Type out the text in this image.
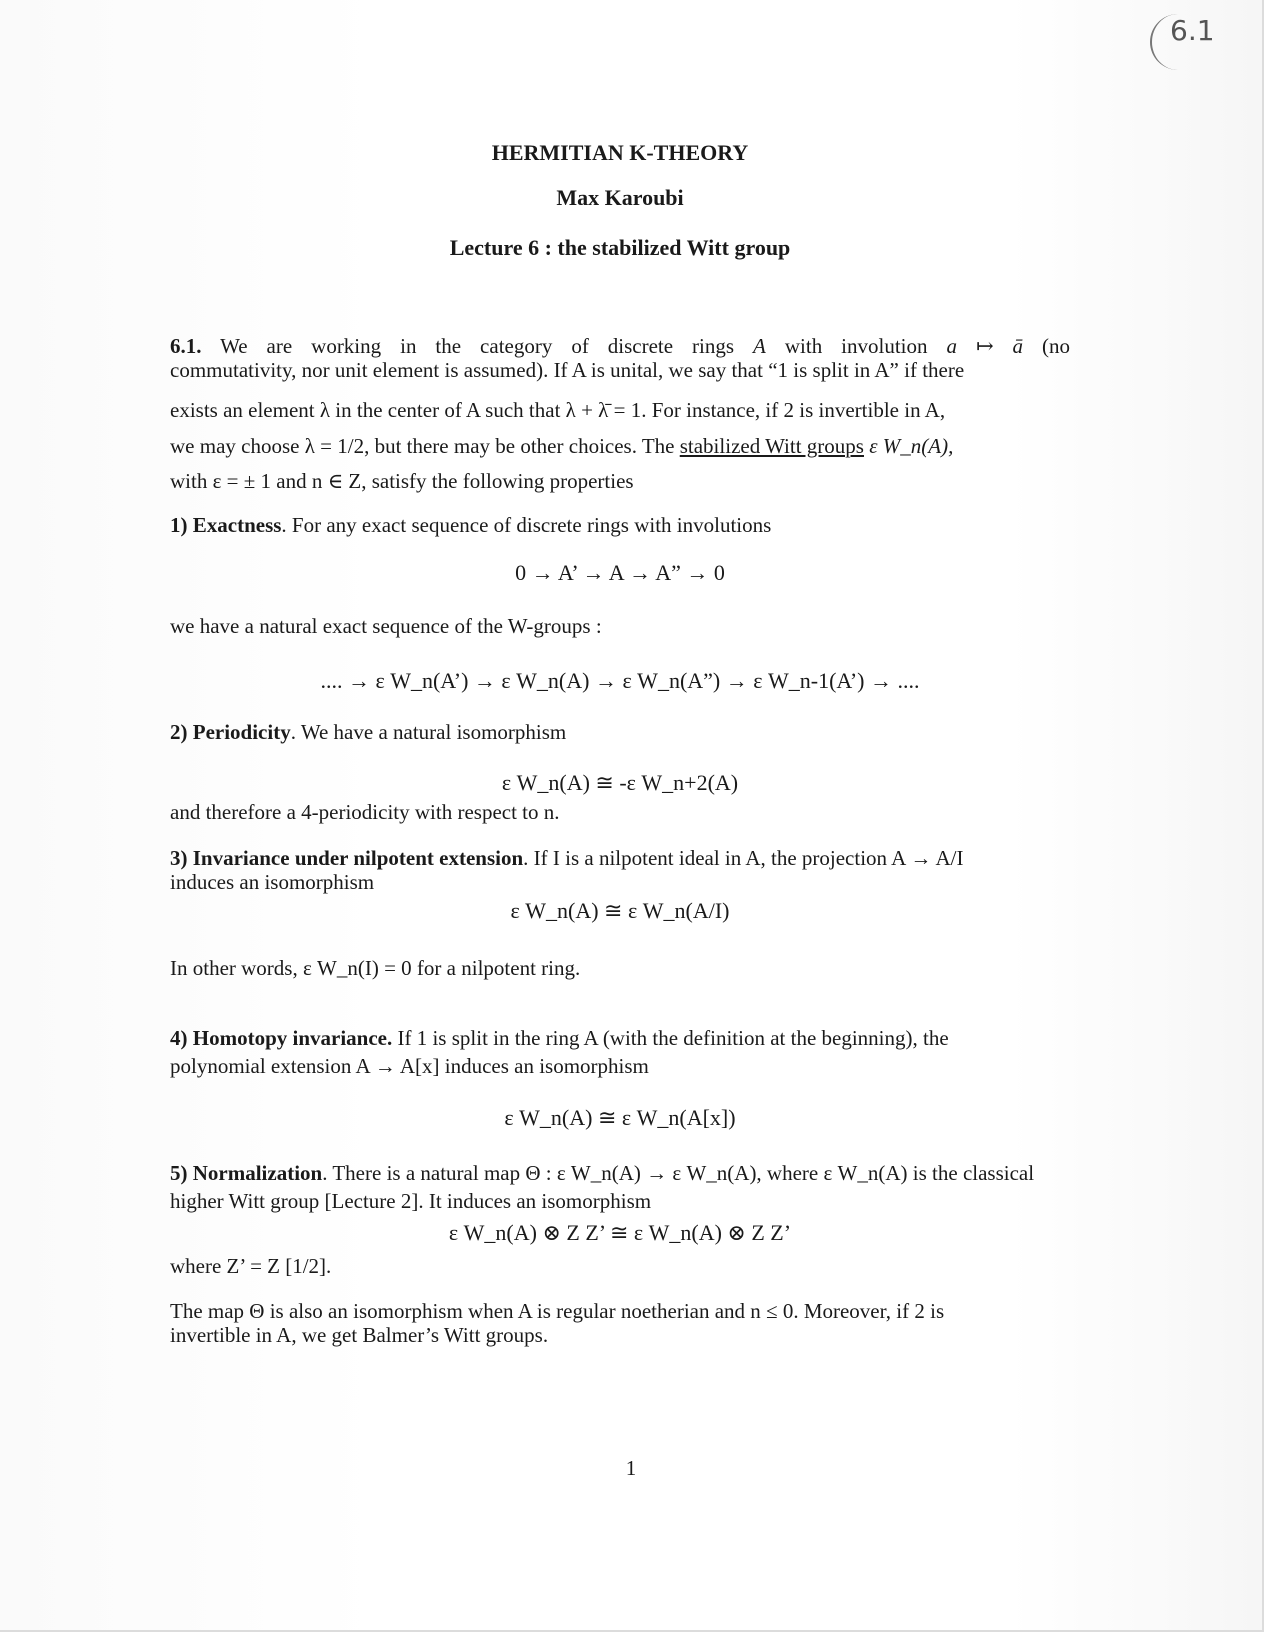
6.1
HERMITIAN K-THEORY
Max Karoubi
Lecture 6 : the stabilized Witt group
6.1. We are working in the category of discrete rings A with involution a ↦ ā (no
commutativity, nor unit element is assumed). If A is unital, we say that “1 is split in A” if there
exists an element λ in the center of A such that λ + λ̄ = 1. For instance, if 2 is invertible in A,
we may choose λ = 1/2, but there may be other choices. The stabilized Witt groups ε W_n(A),
with ε = ± 1 and n ∈ Z, satisfy the following properties
1) Exactness. For any exact sequence of discrete rings with involutions
0 → A’ → A → A” → 0
we have a natural exact sequence of the W-groups :
.... → ε W_n(A’) → ε W_n(A) → ε W_n(A”) → ε W_n-1(A’) → ....
2) Periodicity. We have a natural isomorphism
ε W_n(A) ≅ -ε W_n+2(A)
and therefore a 4-periodicity with respect to n.
3) Invariance under nilpotent extension. If I is a nilpotent ideal in A, the projection A → A/I
induces an isomorphism
ε W_n(A) ≅ ε W_n(A/I)
In other words, ε W_n(I) = 0 for a nilpotent ring.
4) Homotopy invariance. If 1 is split in the ring A (with the definition at the beginning), the
polynomial extension A → A[x] induces an isomorphism
ε W_n(A) ≅ ε W_n(A[x])
5) Normalization. There is a natural map Θ : ε W_n(A) → ε W_n(A), where ε W_n(A) is the classical
higher Witt group [Lecture 2]. It induces an isomorphism
ε W_n(A) ⊗ Z Z’ ≅ ε W_n(A) ⊗ Z Z’
where Z’ = Z [1/2].
The map Θ is also an isomorphism when A is regular noetherian and n ≤ 0. Moreover, if 2 is
invertible in A, we get Balmer’s Witt groups.
1
